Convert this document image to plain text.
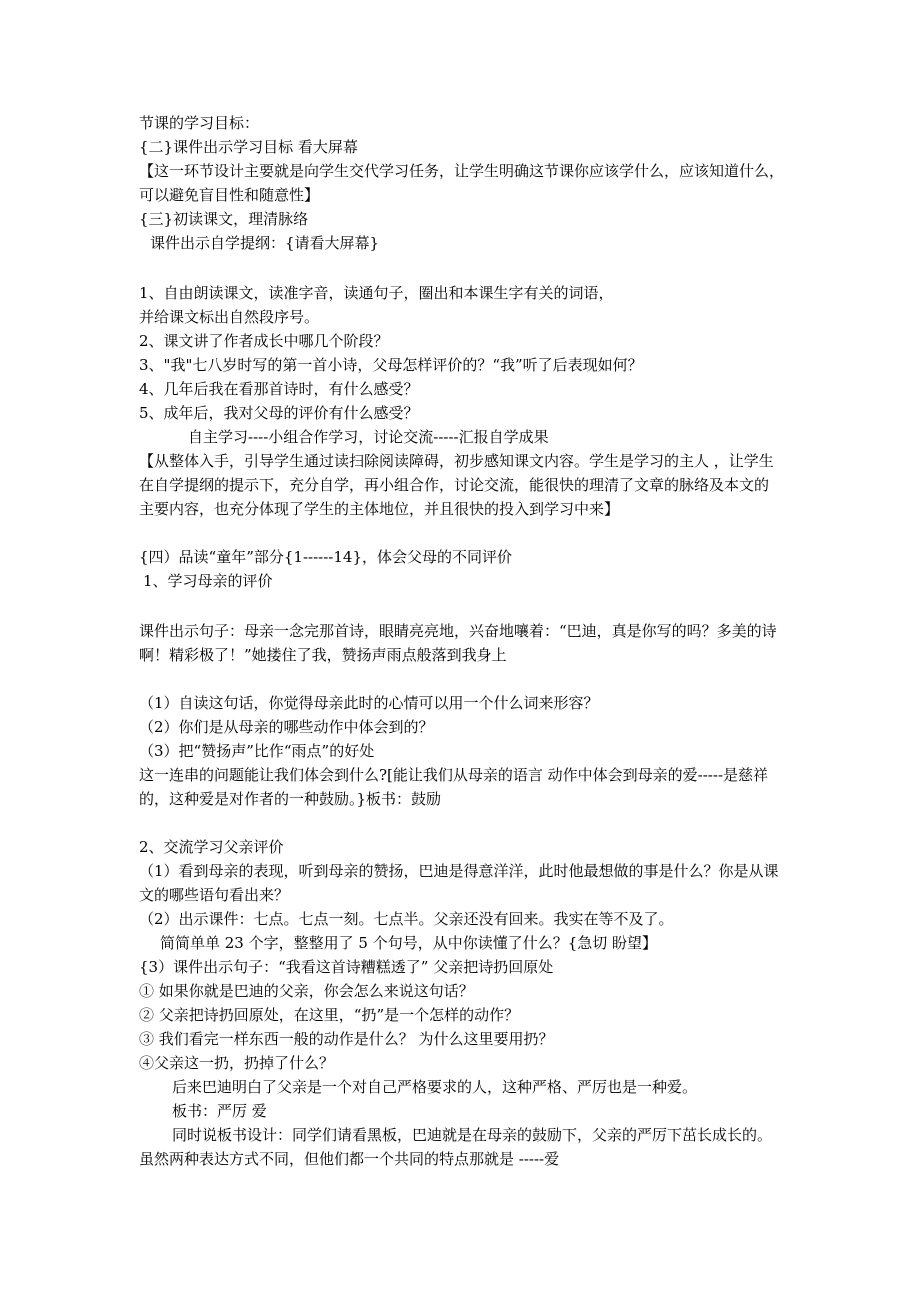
节课的学习目标：
{二}课件出示学习目标 看大屏幕
【这一环节设计主要就是向学生交代学习任务，让学生明确这节课你应该学什么，应该知道什么，
可以避免盲目性和随意性】
{三}初读课文，理清脉络
课件出示自学提纲：{请看大屏幕}
1、自由朗读课文，读准字音，读通句子，圈出和本课生字有关的词语，
并给课文标出自然段序号。
2、课文讲了作者成长中哪几个阶段？
3、"我"七八岁时写的第一首小诗，父母怎样评价的？“我”听了后表现如何？
4、几年后我在看那首诗时，有什么感受？
5、成年后，我对父母的评价有什么感受？
自主学习----小组合作学习，讨论交流-----汇报自学成果
【从整体入手，引导学生通过读扫除阅读障碍，初步感知课文内容。学生是学习的主人 ，让学生
在自学提纲的提示下，充分自学，再小组合作，讨论交流，能很快的理清了文章的脉络及本文的
主要内容，也充分体现了学生的主体地位，并且很快的投入到学习中来】
{四）品读“童年”部分{1------14}，体会父母的不同评价
1、学习母亲的评价
课件出示句子：母亲一念完那首诗，眼睛亮亮地，兴奋地嚷着：“巴迪，真是你写的吗？多美的诗
啊！精彩极了！”她搂住了我，赞扬声雨点般落到我身上
（1）自读这句话，你觉得母亲此时的心情可以用一个什么词来形容？
（2）你们是从母亲的哪些动作中体会到的？
（3）把“赞扬声”比作“雨点”的好处
这一连串的问题能让我们体会到什么?[能让我们从母亲的语言 动作中体会到母亲的爱-----是慈祥
的，这种爱是对作者的一种鼓励。}板书：鼓励
2、交流学习父亲评价
（1）看到母亲的表现，听到母亲的赞扬，巴迪是得意洋洋，此时他最想做的事是什么？你是从课
文的哪些语句看出来？
（2）出示课件：七点。七点一刻。七点半。父亲还没有回来。我实在等不及了。
简简单单 23 个字，整整用了 5 个句号，从中你读懂了什么？{急切 盼望】
{3）课件出示句子：“我看这首诗糟糕透了” 父亲把诗扔回原处
① 如果你就是巴迪的父亲，你会怎么来说这句话？
② 父亲把诗扔回原处，在这里，“扔”是一个怎样的动作？
③ 我们看完一样东西一般的动作是什么？ 为什么这里要用扔？
④父亲这一扔，扔掉了什么？
后来巴迪明白了父亲是一个对自己严格要求的人，这种严格、严厉也是一种爱。
板书：严厉 爱
同时说板书设计：同学们请看黑板，巴迪就是在母亲的鼓励下，父亲的严厉下茁长成长的。
虽然两种表达方式不同，但他们都一个共同的特点那就是 -----爱
